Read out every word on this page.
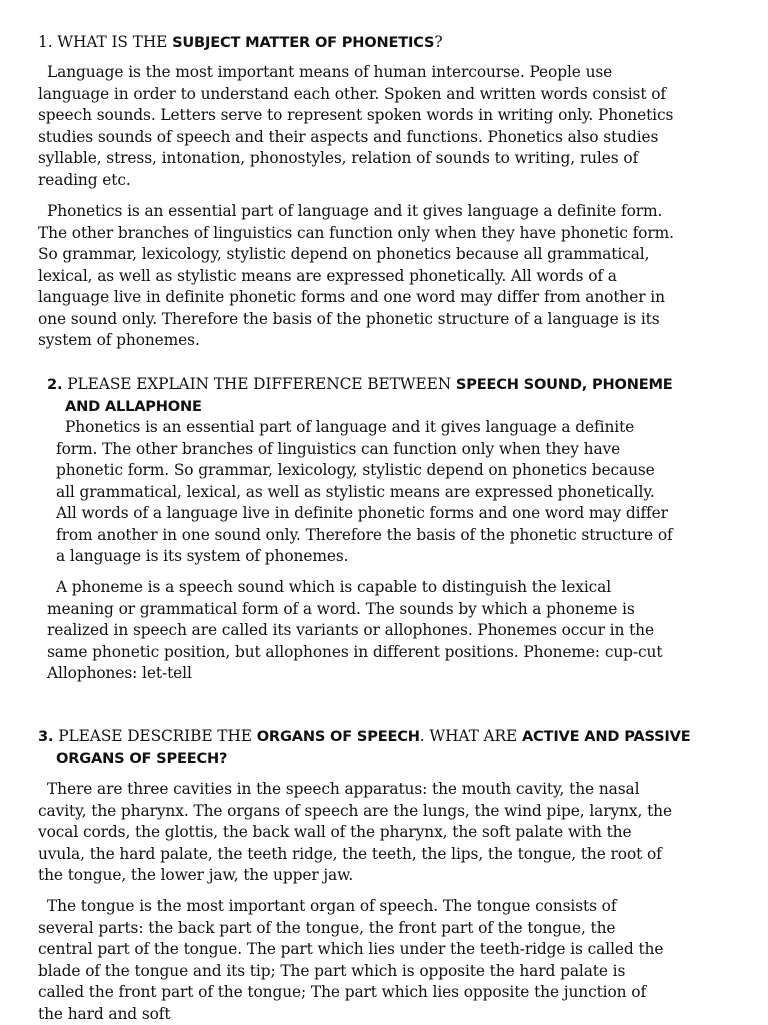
1. WHAT IS THE SUBJECT MATTER OF PHONETICS?

Language is the most important means of human intercourse. People use language in order to understand each other. Spoken and written words consist of speech sounds. Letters serve to represent spoken words in writing only. Phonetics studies sounds of speech and their aspects and functions. Phonetics also studies syllable, stress, intonation, phonostyles, relation of sounds to writing, rules of reading etc.

Phonetics is an essential part of language and it gives language a definite form. The other branches of linguistics can function only when they have phonetic form. So grammar, lexicology, stylistic depend on phonetics because all grammatical, lexical, as well as stylistic means are expressed phonetically. All words of a language live in definite phonetic forms and one word may differ from another in one sound only. Therefore the basis of the phonetic structure of a language is its system of phonemes.

2. PLEASE EXPLAIN THE DIFFERENCE BETWEEN SPEECH SOUND, PHONEME AND ALLAPHONE

Phonetics is an essential part of language and it gives language a definite form. The other branches of linguistics can function only when they have phonetic form. So grammar, lexicology, stylistic depend on phonetics because all grammatical, lexical, as well as stylistic means are expressed phonetically. All words of a language live in definite phonetic forms and one word may differ from another in one sound only. Therefore the basis of the phonetic structure of a language is its system of phonemes.

A phoneme is a speech sound which is capable to distinguish the lexical meaning or grammatical form of a word. The sounds by which a phoneme is realized in speech are called its variants or allophones. Phonemes occur in the same phonetic position, but allophones in different positions. Phoneme: cup-cut Allophones: let-tell

3. PLEASE DESCRIBE THE ORGANS OF SPEECH. WHAT ARE ACTIVE AND PASSIVE ORGANS OF SPEECH?

There are three cavities in the speech apparatus: the mouth cavity, the nasal cavity, the pharynx. The organs of speech are the lungs, the wind pipe, larynx, the vocal cords, the glottis, the back wall of the pharynx, the soft palate with the uvula, the hard palate, the teeth ridge, the teeth, the lips, the tongue, the root of the tongue, the lower jaw, the upper jaw.

The tongue is the most important organ of speech. The tongue consists of several parts: the back part of the tongue, the front part of the tongue, the central part of the tongue. The part which lies under the teeth-ridge is called the blade of the tongue and its tip; The part which is opposite the hard palate is called the front part of the tongue; The part which lies opposite the junction of the hard and soft
